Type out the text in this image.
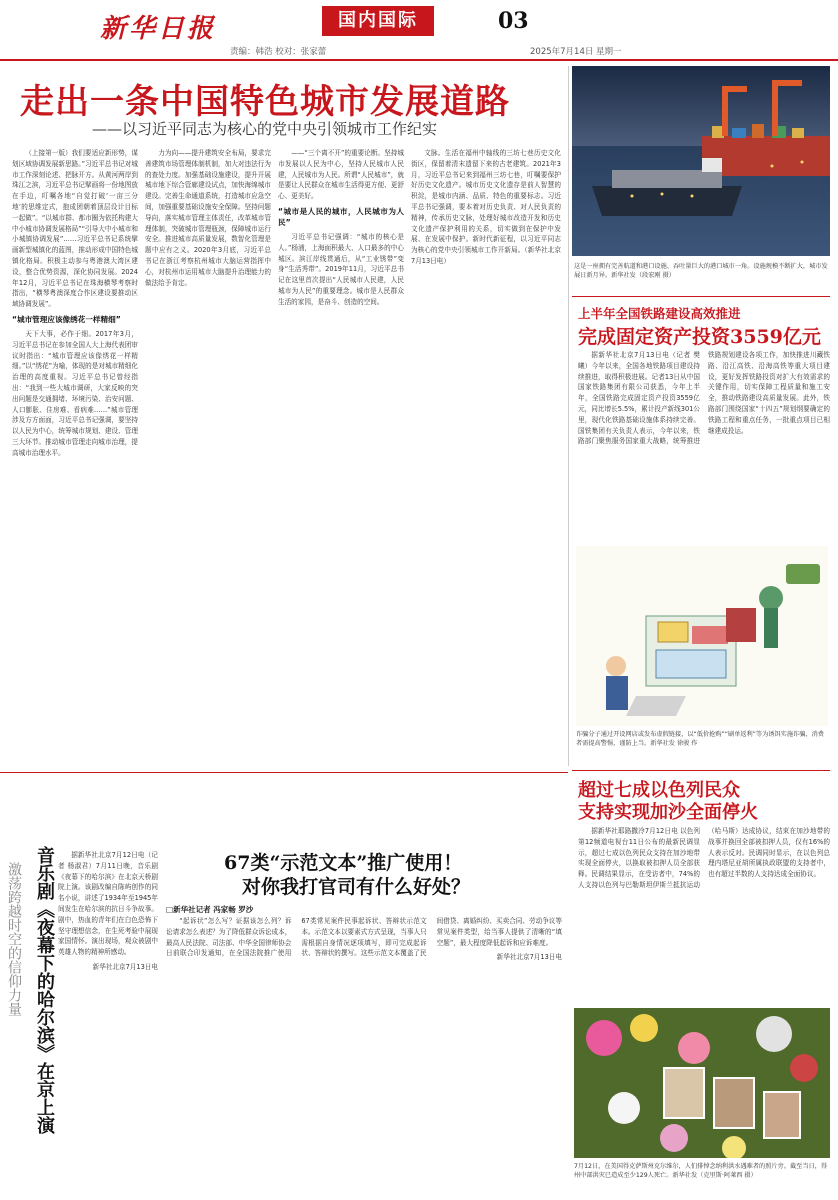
新华日报	国内国际	03
责编：韩浩 校对：张家蕾	2025年7月14日 星期一
走出一条中国特色城市发展道路
——以习近平同志为核心的党中央引领城市工作纪实

（上接第一版）我们要适应新形势，谋划区域协调发展新思路。”习近平总书记对城市工作深刻论述、把脉开方。从黄河两岸到珠江之滨，习近平总书记擘画将一份地图放在手边，叮嘱各地“自觉打破‘一亩三分地’的思维定式，抱成团朝着顶层设计目标一起做”。“以城市群、都市圈为依托构建大中小城市协调发展格局”“引导大中小城市和小城镇协调发展”……习近平总书记系统擘画新型城镇化的蓝图，推动形成中国特色城镇化格局。积极主动参与粤港澳大湾区建设，整合优势资源，深化协同发展。2024年12月，习近平总书记在珠海横琴考察时指出，“横琴粤澳深度合作区建设要推动区域协调发展”。

“城市管理应该像绣花一样精细”

天下大事，必作于细。2017年3月，习近平总书记在参加全国人大上海代表团审议时指出：“城市管理应该像绣花一样精细。”以“绣花”为喻，体现的是对城市精细化治理的高度重视。习近平总书记曾经指出：“我到一些大城市调研，大家反映的突出问题是交通拥堵、环境污染、治安问题、人口膨胀、住房难、看病难……”城市管理涉及方方面面，习近平总书记强调，要坚持以人民为中心，统筹城市规划、建设、管理三大环节。推动城市管理走向城市治理，提高城市治理水平。

力为向——提升建筑安全布局，要求完善建筑市场管理体制机制，加大对违法行为的查处力度。加强基础设施建设，提升开展城市地下综合管廊建设试点，加快海绵城市建设。完善生命通道系统，打造城市应急空间，加强重要基础设施安全保障。坚持问题导向，落实城市管理主体责任，改革城市管理体制，突破城市管理瓶颈，保障城市运行安全。推进城市高质量发展，数智化管理是题中应有之义。2020年3月底，习近平总书记在浙江考察杭州城市大脑运营指挥中心，对杭州市运用城市大脑提升治理能力的做法给予肯定。

——“三个离不开”的重要论断。坚持城市发展以人民为中心，坚持人民城市人民建，人民城市为人民。所谓“人民城市”，就是要让人民群众在城市生活得更方便、更舒心、更美好。

“城市是人民的城市，人民城市为人民”

习近平总书记强调：“城市的核心是人。”杨浦，上海面积最大、人口最多的中心城区。滨江岸线贯通后，从“工业锈带”变身“生活秀带”。2019年11月，习近平总书记在这里首次提出“人民城市人民建，人民城市为人民”的重要理念。城市是人民群众生活的家园，是奋斗、创造的空间。

文脉。生活在福州中轴线的三坊七巷历史文化街区，保留着清末遗留下来的古老建筑。2021年3月，习近平总书记来到福州三坊七巷，叮嘱要保护好历史文化遗产。城市历史文化遗存是前人智慧的积淀，是城市内涵、品质、特色的重要标志。习近平总书记强调，要本着对历史负责、对人民负责的精神，传承历史文脉，处理好城市改造开发和历史文化遗产保护利用的关系，切实做到在保护中发展、在发展中保护。新时代新征程，以习近平同志为核心的党中央引领城市工作开新局。（新华社北京7月13日电）

这是一座拥有完善航道和港口设施、吞吐量巨大的港口城市一角。设施规模不断扩大，城市发展日新月异。新华社发（段宏刚 摄）
上半年全国铁路建设高效推进
完成固定资产投资3559亿元

据新华社北京7月13日电（记者 樊曦）今年以来，全国各地铁路项目建设持续推进，取得积极进展。记者13日从中国国家铁路集团有限公司获悉，今年上半年，全国铁路完成固定资产投资3559亿元，同比增长5.5%，累计投产新线301公里，现代化铁路基础设施体系持续完善。国铁集团有关负责人表示，今年以来，铁路部门聚焦服务国家重大战略，统筹推进铁路规划建设各项工作，加快推进川藏铁路、沿江高铁、沿海高铁等重大项目建设，更好发挥铁路投资对扩大有效需求的关键作用，切实保障工程质量和施工安全，推动铁路建设高质量发展。此外，铁路部门围绕国家“十四五”规划纲要确定的铁路工程和重点任务，一批重点项目已相继建成投运。

诈骗分子通过开设网店或发布虚假链接，以“低价抢购”“刷单返利”等为诱饵实施诈骗，消费者需提高警惕，谨防上当。新华社发 徐骏 作
超过七成以色列民众
支持实现加沙全面停火

据新华社耶路撒冷7月12日电 以色列第12频道电视台11日公布的最新民调显示，超过七成以色列民众支持在加沙地带实现全面停火，以换取被扣押人员全部获释。民调结果显示，在受访者中，74%的人支持以色列与巴勒斯坦伊斯兰抵抗运动（哈马斯）达成协议，结束在加沙地带的战事并换回全部被扣押人员，仅有16%的人表示反对。民调同时显示，在以色列总理内塔尼亚胡所属执政联盟的支持者中，也有超过半数的人支持达成全面协议。

7月12日，在美国得克萨斯州克尔维尔，人们排悼念纳利洪水遇难者的照片旁。截至当日，得州中部洪灾已造成至少129人死亡。新华社发（克里斯·阿莱西 摄）
音乐剧《夜幕下的哈尔滨》在京上演
激荡跨越时空的信仰力量

据新华社北京7月12日电（记者 杨淑君）7月11日晚，音乐剧《夜幕下的哈尔滨》在北京天桥剧院上演。该剧改编自陈屿创作的同名小说，讲述了1934年至1945年间发生在哈尔滨的抗日斗争故事。剧中，热血的青年们在白色恐怖下坚守理想信念，在生死考验中展现家国情怀。演出现场，观众被剧中英雄人物的精神所感动。

新华社北京7月13日电

67类“示范文本”推广使用！
对你我打官司有什么好处？
□新华社记者 冯家畅 罗沙

“起诉状”怎么写？证据该怎么列？诉讼请求怎么表述？为了降低群众诉讼成本，最高人民法院、司法部、中华全国律师协会日前联合印发通知，在全国法院推广使用67类常见案件民事起诉状、答辩状示范文本。示范文本以要素式方式呈现，当事人只需根据自身情况逐项填写，即可完成起诉状、答辩状的撰写。这些示范文本覆盖了民间借贷、离婚纠纷、买卖合同、劳动争议等常见案件类型，给当事人提供了清晰的“填空题”，最大程度降低起诉和应诉难度。

新华社北京7月13日电
